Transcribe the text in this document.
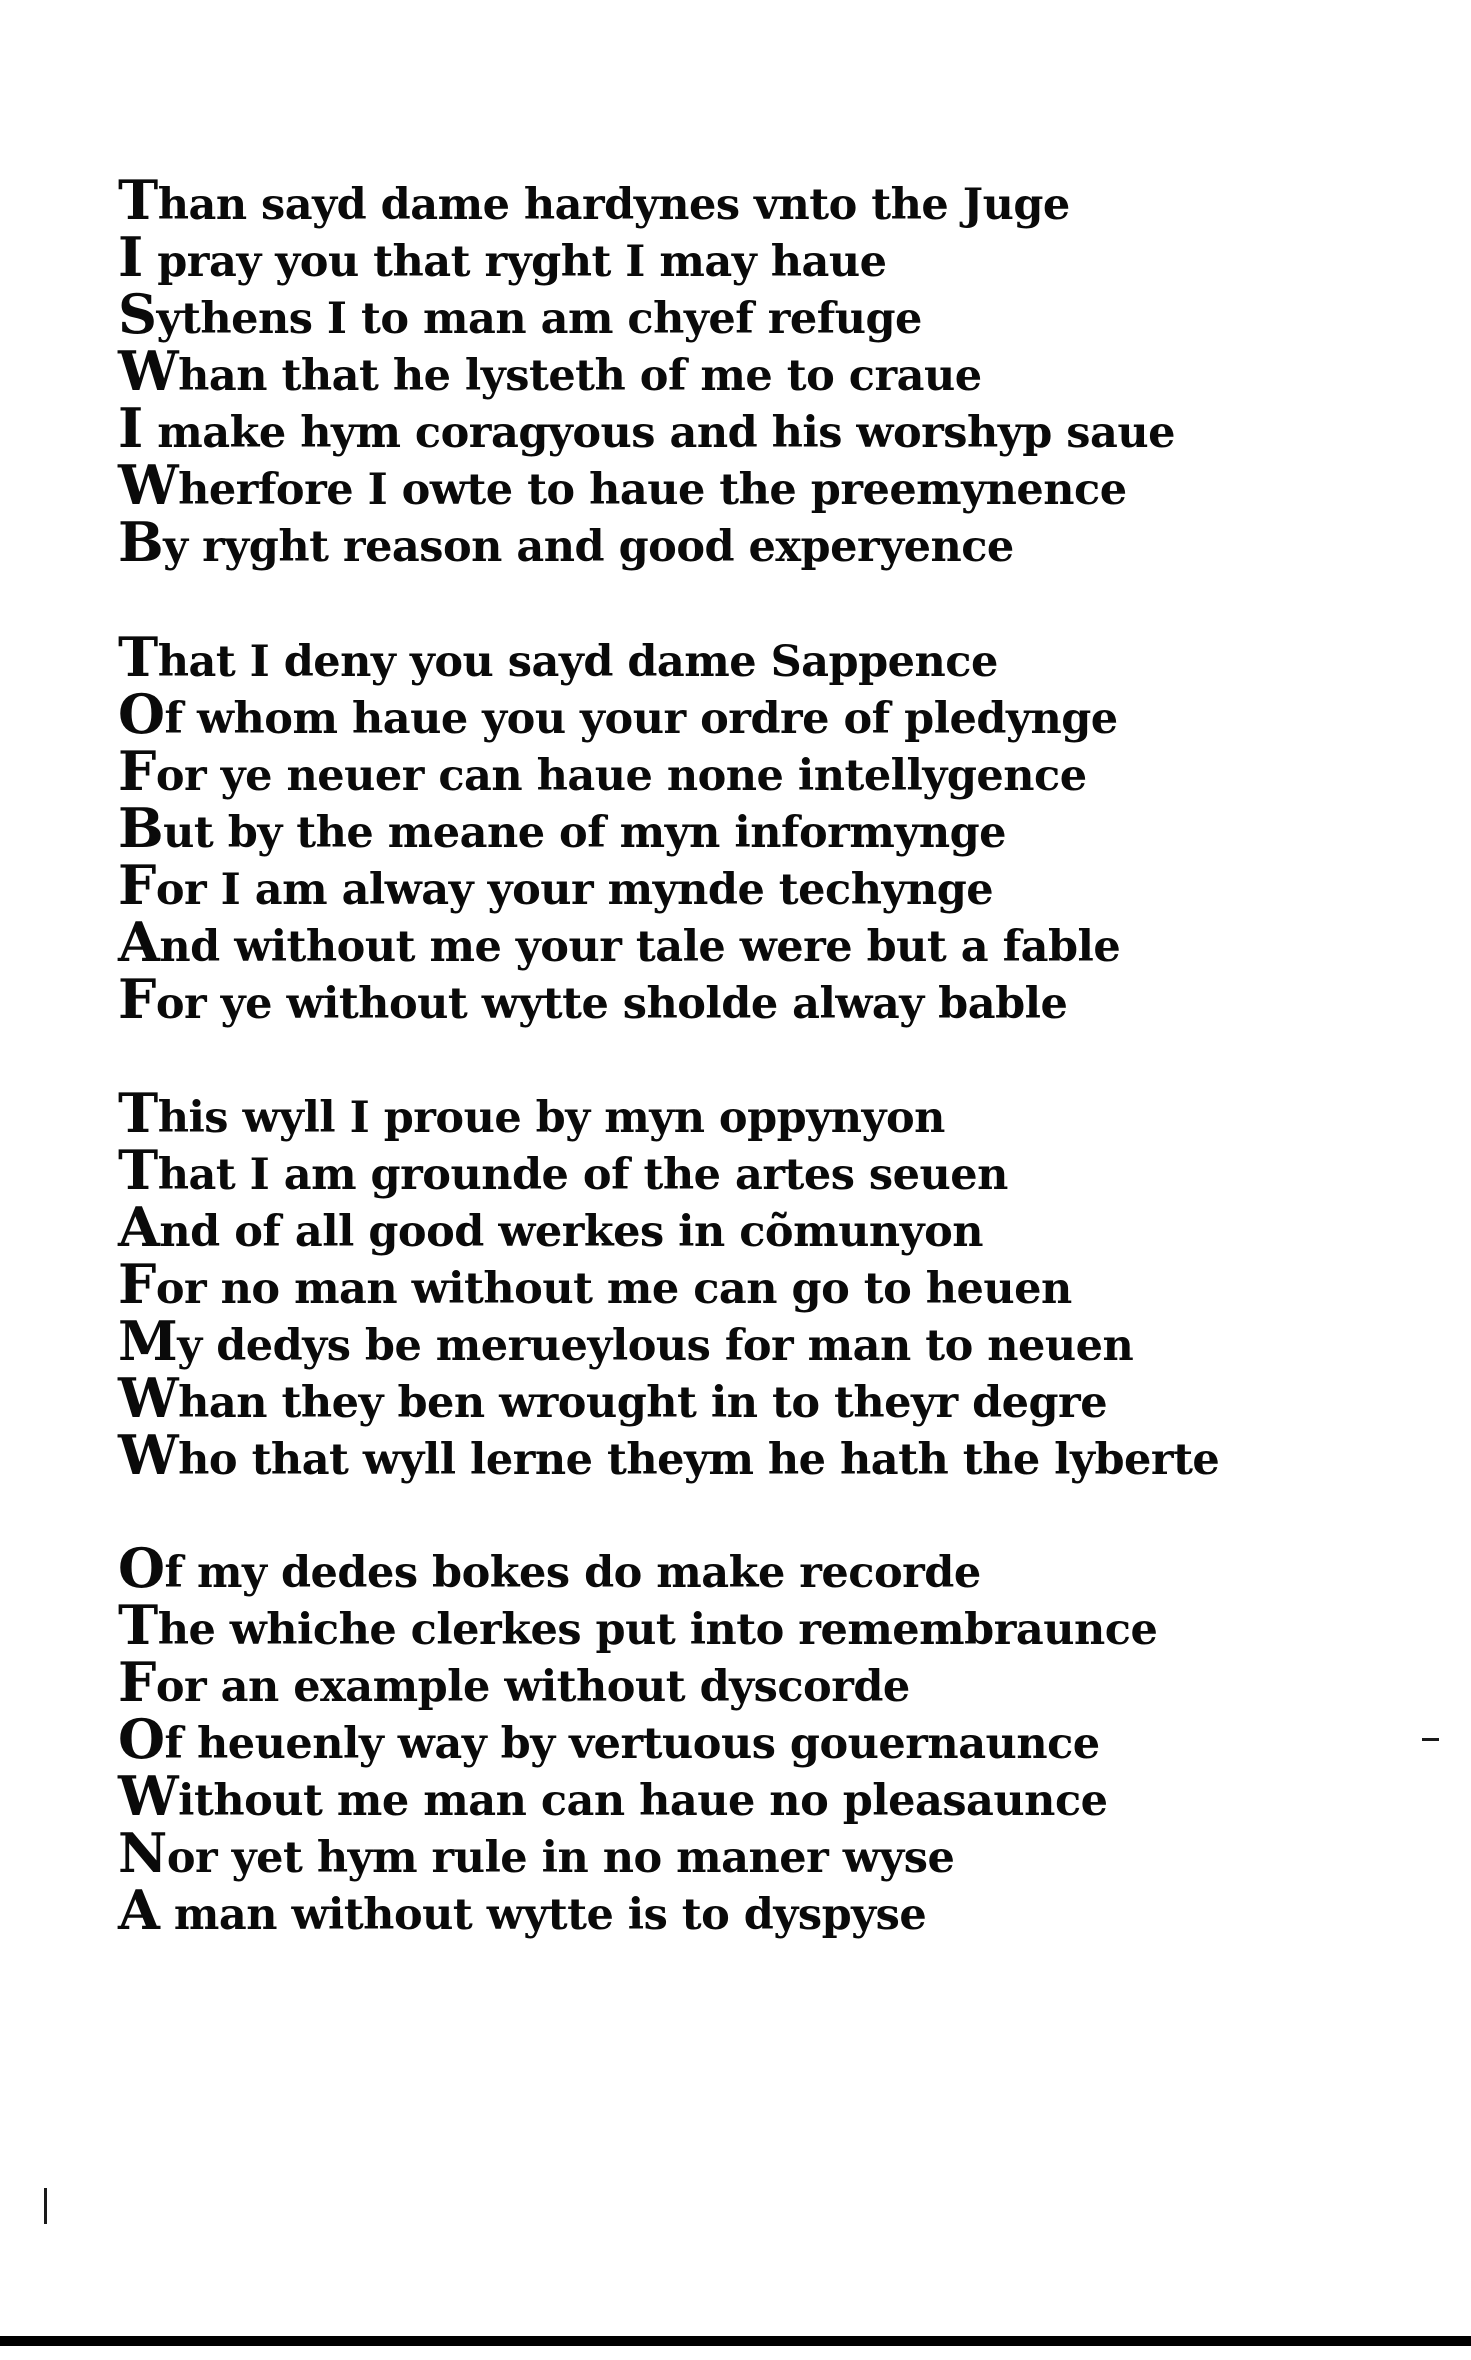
Than sayd dame hardynes vnto the Juge
I pray you that ryght I may haue
Sythens I to man am chyef refuge
Whan that he lysteth of me to craue
I make hym coragyous and his worshyp saue
Wherfore I owte to haue the preemynence
By ryght reason and good experyence
That I deny you sayd dame Sappence
Of whom haue you your ordre of pledynge
For ye neuer can haue none intellygence
But by the meane of myn informynge
For I am alway your mynde techynge
And without me your tale were but a fable
For ye without wytte sholde alway bable
This wyll I proue by myn oppynyon
That I am grounde of the artes seuen
And of all good werkes in cõmunyon
For no man without me can go to heuen
My dedys be merueylous for man to neuen
Whan they ben wrought in to theyr degre
Who that wyll lerne theym he hath the lyberte
Of my dedes bokes do make recorde
The whiche clerkes put into remembraunce
For an example without dyscorde
Of heuenly way by vertuous gouernaunce
Without me man can haue no pleasaunce
Nor yet hym rule in no maner wyse
A man without wytte is to dyspyse
